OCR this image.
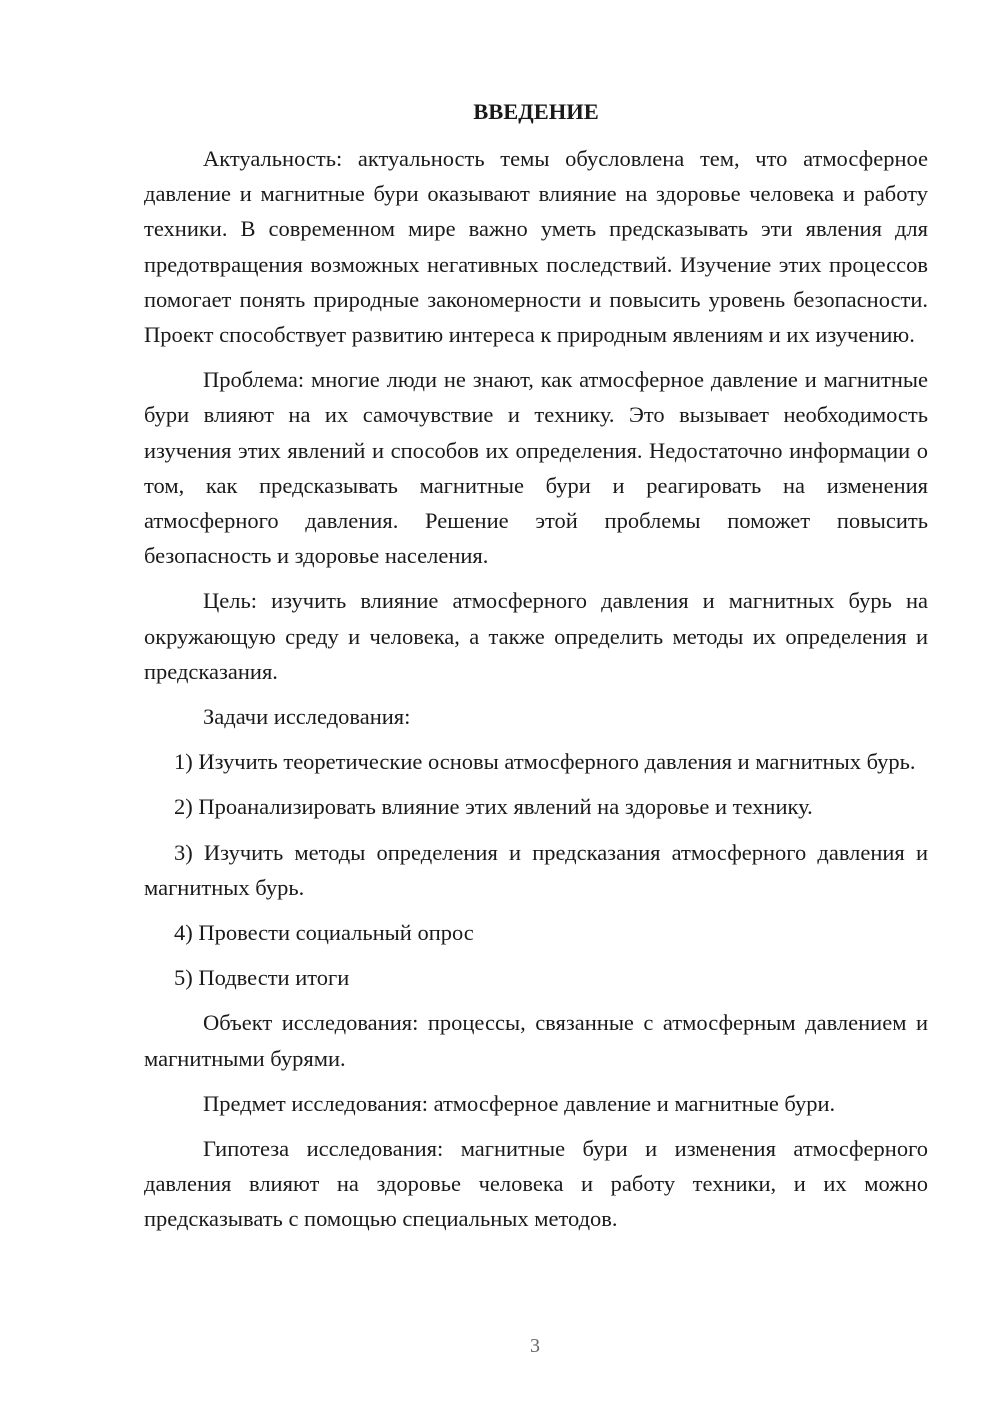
ВВЕДЕНИЕ

Актуальность: актуальность темы обусловлена тем, что атмосферное давление и магнитные бури оказывают влияние на здоровье человека и работу техники. В современном мире важно уметь предсказывать эти явления для предотвращения возможных негативных последствий. Изучение этих процессов помогает понять природные закономерности и повысить уровень безопасности. Проект способствует развитию интереса к природным явлениям и их изучению.

Проблема: многие люди не знают, как атмосферное давление и магнитные бури влияют на их самочувствие и технику. Это вызывает необходимость изучения этих явлений и способов их определения. Недостаточно информации о том, как предсказывать магнитные бури и реагировать на изменения атмосферного давления. Решение этой проблемы поможет повысить безопасность и здоровье населения.

Цель: изучить влияние атмосферного давления и магнитных бурь на окружающую среду и человека, а также определить методы их определения и предсказания.

Задачи исследования:

1) Изучить теоретические основы атмосферного давления и магнитных бурь.

2) Проанализировать влияние этих явлений на здоровье и технику.

3) Изучить методы определения и предсказания атмосферного давления и магнитных бурь.

4) Провести социальный опрос

5) Подвести итоги

Объект исследования: процессы, связанные с атмосферным давлением и магнитными бурями.

Предмет исследования: атмосферное давление и магнитные бури.

Гипотеза исследования: магнитные бури и изменения атмосферного давления влияют на здоровье человека и работу техники, и их можно предсказывать с помощью специальных методов.

3
